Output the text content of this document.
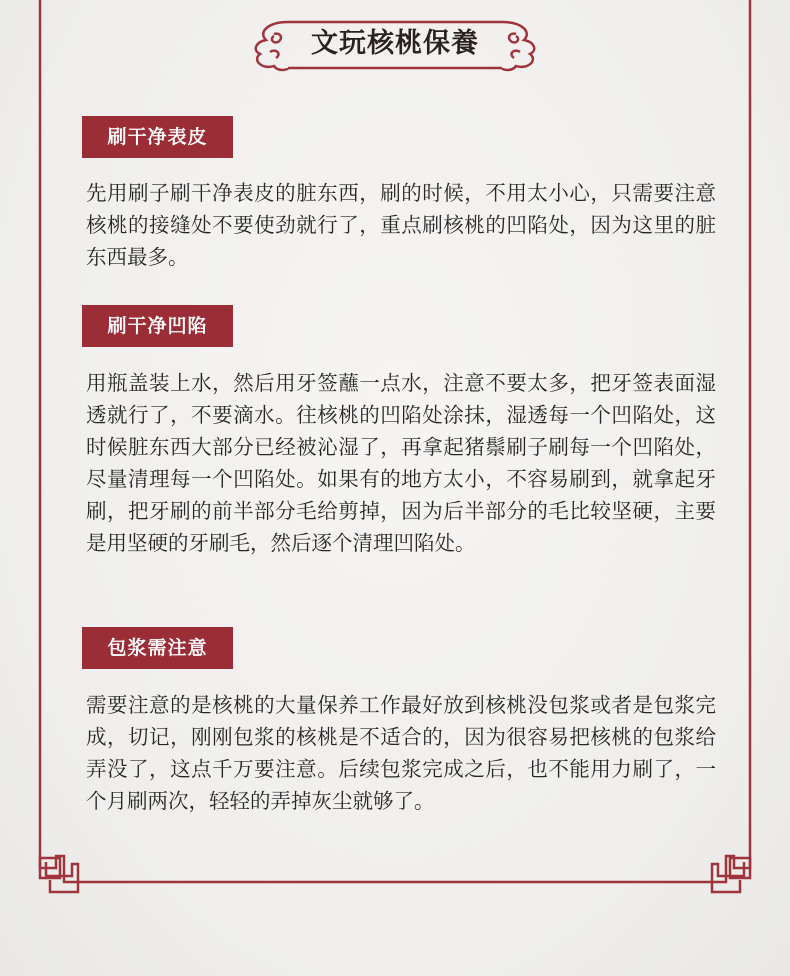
文玩核桃保養
刷干净表皮
先用刷子刷干净表皮的脏东西，刷的时候，不用太小心，只需要注意核桃的接缝处不要使劲就行了，重点刷核桃的凹陷处，因为这里的脏东西最多。
刷干净凹陷
用瓶盖装上水，然后用牙签蘸一点水，注意不要太多，把牙签表面湿透就行了，不要滴水。往核桃的凹陷处涂抹，湿透每一个凹陷处，这时候脏东西大部分已经被沁湿了，再拿起猪鬃刷子刷每一个凹陷处，尽量清理每一个凹陷处。如果有的地方太小，不容易刷到，就拿起牙刷，把牙刷的前半部分毛给剪掉，因为后半部分的毛比较坚硬，主要是用坚硬的牙刷毛，然后逐个清理凹陷处。
包浆需注意
需要注意的是核桃的大量保养工作最好放到核桃没包浆或者是包浆完成，切记，刚刚包浆的核桃是不适合的，因为很容易把核桃的包浆给弄没了，这点千万要注意。后续包浆完成之后，也不能用力刷了，一个月刷两次，轻轻的弄掉灰尘就够了。
